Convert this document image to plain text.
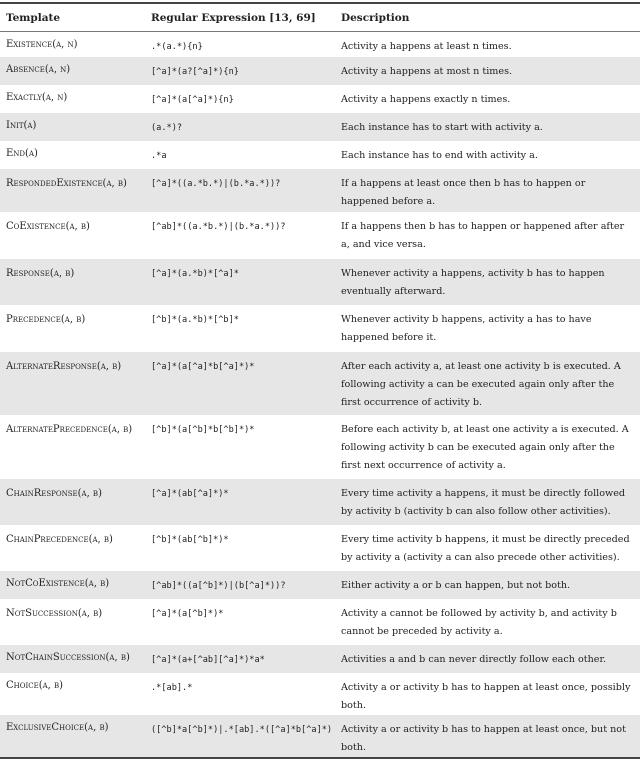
Template	Regular Expression [13, 69]	Description
Existence(a, n)	.*(a.*){n}	Activity a happens at least n times.
Absence(a, n)	[^a]*(a?[^a]*){n}	Activity a happens at most n times.
Exactly(a, n)	[^a]*(a[^a]*){n}	Activity a happens exactly n times.
Init(a)	(a.*)?	Each instance has to start with activity a.
End(a)	.*a	Each instance has to end with activity a.
RespondedExistence(a, b)	[^a]*((a.*b.*)|(b.*a.*))?	If a happens at least once then b has to happen or happened before a.
CoExistence(a, b)	[^ab]*((a.*b.*)|(b.*a.*))?	If a happens then b has to happen or happened after after a, and vice versa.
Response(a, b)	[^a]*(a.*b)*[^a]*	Whenever activity a happens, activity b has to happen eventually afterward.
Precedence(a, b)	[^b]*(a.*b)*[^b]*	Whenever activity b happens, activity a has to have happened before it.
AlternateResponse(a, b)	[^a]*(a[^a]*b[^a]*)*	After each activity a, at least one activity b is executed. A following activity a can be executed again only after the first occurrence of activity b.
AlternatePrecedence(a, b)	[^b]*(a[^b]*b[^b]*)*	Before each activity b, at least one activity a is executed. A following activity b can be executed again only after the first next occurrence of activity a.
ChainResponse(a, b)	[^a]*(ab[^a]*)*	Every time activity a happens, it must be directly followed by activity b (activity b can also follow other activities).
ChainPrecedence(a, b)	[^b]*(ab[^b]*)*	Every time activity b happens, it must be directly preceded by activity a (activity a can also precede other activities).
NotCoExistence(a, b)	[^ab]*((a[^b]*)|(b[^a]*))?	Either activity a or b can happen, but not both.
NotSuccession(a, b)	[^a]*(a[^b]*)*	Activity a cannot be followed by activity b, and activity b cannot be preceded by activity a.
NotChainSuccession(a, b)	[^a]*(a+[^ab][^a]*)*a*	Activities a and b can never directly follow each other.
Choice(a, b)	.*[ab].*	Activity a or activity b has to happen at least once, possibly both.
ExclusiveChoice(a, b)	([^b]*a[^b]*)|.*[ab].*([^a]*b[^a]*)	Activity a or activity b has to happen at least once, but not both.
